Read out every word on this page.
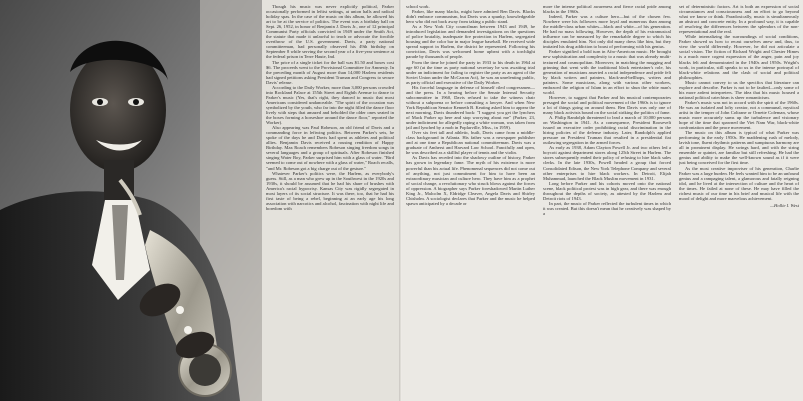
Though his music was never explicitly political, Parker occasionally performed in leftist settings, at union halls and radical holiday spas. In the case of the music on this album, he allowed his art to be at the service of politics. The event was a birthday ball on Sept. 26, 1952, in honor of Benjamin J. Davis Jr., one of 12 principal Communist Party officials convicted in 1949 under the Smith Act, the statute that made it unlawful to teach or advocate the forcible overthrow of the U.S. government. Davis, a party national committeeman, had personally observed his 49th birthday on September 8 while serving the second year of a five-year sentence at the federal prison in Terre Haute, Ind.

The price of a single ticket for the ball was $1.50 and boxes cost $6. The proceeds went to the Provisional Committee for Amnesty. In the preceding month of August more than 14,000 Harlem residents had signed petitions asking President Truman and Congress to secure Davis' release.

According to the Daily Worker, more than 3,000 persons crowded into Rockland Palace at 155th Street and Eighth Avenue to dance to Parker's music (Yes, that's right, they danced to music that most Americans considered undanceable. "The spirit of the occasion was symbolized by the youth, who far into the night filled the dance floor lively with steps that amazed and beholded the older ones seated in the boxes forming a horseshoe around the dance floor," reported the Worker).

Also appearing was Paul Robeson, an old friend of Davis and a commanding force in leftwing politics. Between Parker's sets, he spoke of the days he and Davis had spent as athletes and political allies. Benjamin Davis received a rousing rendition of Happy Birthday. Max Roach remembers Robeson singing freedom songs in several languages and a group of spirituals. After Robeson finished singing Water Boy, Parker surprised him with a glass of water. "Bird seemed to come out of nowhere with a glass of water," Roach recalls, "and Mr. Robeson got a big charge out of the gesture."

Whatever Parker's politics were, the Harlem, as everybody's guess. Still, as a man who grew up in the Southwest in the 1920s and 1930s, it should be assumed that he had his share of brushes with America's racial hypocrisy. Kansas City was rigidly segregated in most layers of its social structure. It was there, too, that he had his first taste of being a rebel, beginning at an early age his long association with narcotics and alcohol, fascination with night life and boredom with

school work.

Parker, like many blacks, might have admired Ben Davis. Blacks didn't embrace communism, but Davis was a spunky, knowledgeable hero who did not back away from taking a public stand.

As a New York City councilman between 1943 and 1949, he introduced legislation and demanded investigations on the questions of police brutality, inadequate fire protection in Harlem, segregated housing and the color bar in major league baseball. He received wide spread support in Harlem, the district he represented. Following his conviction, Davis was welcomed home upbeat with a torchlight parade by thousands of people.

From the time he joined the party in 1933 to his death in 1964 at age 60 (at the time as party national secretary he was awaiting trial under an indictment for failing to register the party as an agent of the Soviet Union under the McCarran Act), he was an unrelenting public, as party official and executive of the Daily Worker.

His forceful language in defense of himself riled congressmen—and the press. In a hearing before the Senate Internal Security subcommittee in 1960, Davis refused to take the witness chair without a subpoena or before consulting a lawyer. And when New York Republican Senator Kenneth B. Keating asked him to appear the next morning, Davis thundered back: "I suggest you get the lynchers of Mack Parker up here and stop worrying about me" (Parker, 23, under indictment for allegedly raping a white woman, was taken from jail and lynched by a mob in Poplarville, Miss., in 1959).

Over six feet tall and athletic, built, Davis came from a middle-class background in Atlanta. His father was a newspaper publisher and at one time a Republican national committeeman. Davis was a graduate of Amherst and Harvard Law School. Fancifully and open, he was described as a skillful player of tennis and the violin.

As Davis has receded into the shadowy outline of history, Parker has grown in legendary fame. The myth of his existence is more powerful than his actual life. Phenomenal sequences did not come out of anything, not just commitment for him to have been an extraordinary musician and culture hero. They have him as a prophet of social change, a revolutionary who struck blows against the forces of oppression. A biographer says Parker foreshadowed Martin Luther King Jr., Malcolm X, Eldridge Cleaver, Angela Davis and Shirley Chisholm. A sociologist declares that Parker and the music he helped spawn anticipated by a decade or

more the intense political awareness and fierce racial pride among blacks in the 1960s.

Indeed, Parker was a culture hero—but of the chosen few. Nowhere were his followers more loyal and numerous than among the middle-class urban whites—black and white—of his generation. He had no mass following. However, the depth of his extramusical influence can be measured by the remarkable degree to which his disciples emulated him. Not only did many dress like him, but they imitated his drug addiction to boast of performing with his genius.

Parker signified a bold turn in Afro-American music. He brought new sophistication and complexity to a music that was already multi-textured and cosmopolitan. Moreover, in matching the mugging and grinning that went with the traditional black entertainer's role, his generation of musicians asserted a racial independence and pride felt by black writers and painters, black-and-bellhops, writers and painters. Some musicians, along with various other workers, embraced the religion of Islam in an effort to shun the white man's world.

However, to suggest that Parker and his musical contemporaries presaged the social and political movement of the 1960s is to ignore a lot of things going on around them. Ben Davis was only one of many black activists bound on the social striking the politics of fame.

A. Philip Randolph threatened to lead a march of 10,000 persons on Washington in 1941. As a consequence, President Roosevelt issued an executive order prohibiting racial discrimination in the hiring policies of the defense industry. Later, Randolph's applied pressure on President Truman that resulted in a presidential fiat outlawing segregation in the armed forces.

As early as 1938, Adam Clayton Powell Jr. and two others led a boycott against department stores along 125th Street in Harlem. The stores subsequently ended their policy of refusing to hire black sales clerks. In the late 1930s, Powell headed a group that forced Consolidated Edison, the New York Telephone Company and several other enterprises to hire black workers. In Detroit, Elijah Muhammad, launched the Black Muslim movement in 1931.

Long before Parker and his cohorts moved onto the national scene, black political protest was in high gear, and there was enough throughout the depths of society, as attested by the Harlem and Detroit riots of 1943.

In part, the music of Parker reflected the turbulent times in which it was created. But this doesn't mean that he creatively was shaped by a

set of deterministic factors. Art is both an expression of social circumstances and consciousness and an effort to go beyond what we know or think. Paradoxically, music is simultaneously an abstract and concrete entity. In a profound way, it is capable of resolving the differences between the splendors of the non-representational and the real.

While internalizing the surroundings of social conditions, Parker showed us how to recast ourselves anew and, thus, to view the world differently. However, he did not articulate a social vision. The fiction of Richard Wright and Chester Himes is a much more cogent expression of the anger, pain and joy blacks felt and demonstrated in the 1940s and 1950s. Wright's work, in particular, still speaks to us in the intense portrayal of black-white relations and the clash of social and political philosophies.

Music cannot convey to us the specifics that literature can explore and describe. Parker is not to be faulted—only some of his more ardent interpreters. The idea that his music housed a national political catechism is sheer romanticism.

Parker's music was not in accord with the spirit of the 1960s. He was an isolated and lofty creator, not a communal, mystical artist in the temper of John Coltrane or Ornette Coleman, whose music more accurately sums up the turbulence and visionary hope of the time that spawned the Viet Nam War, black-white confrontation and the peace movement.

The music on this album is typical of what Parker was performing in the early 1950s. He maddening rush of melody, lavish tone, fluent rhythmic patterns and sumptuous harmony are all in prominent display. He swings hard, and with the string ensemble or quintet, are familiar but still refreshing. He had the genius and ability to make the well-known sound as if it were just being conceived for the first time.

As the most creative improviser of his generation, Charlie Parker was a large burden. He feels wanted him to be an unfound genius and a rampaging talent, a glamorous and fatally reigning idol, and he lived at the intersection of culture and the heart of the times. He failed at none of these. He may have filled the richest music of our time in his brief and musical life with the mood of delight and more marvelous achievement.

—Hollie I. West
